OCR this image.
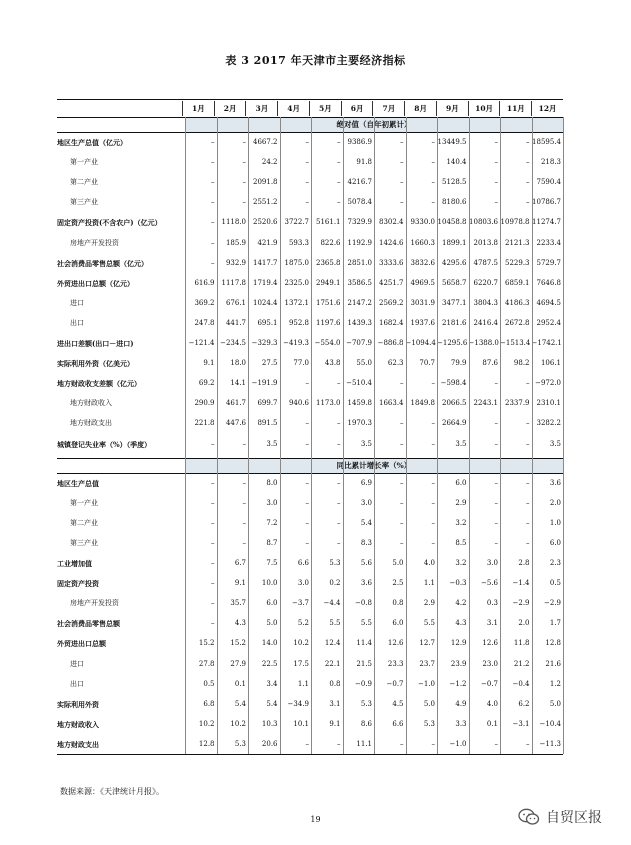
表 3 2017 年天津市主要经济指标
1月	2月	3月	4月	5月	6月	7月	8月	9月	10月	11月	12月
绝对值（自年初累计）
地区生产总值（亿元）	–	–	4667.2	–	–	9386.9	–	– 13449.5	–	– 18595.4
第一产业	–	–	24.2	–	–	91.8	–	–	140.4	–	–	218.3
第二产业	–	–	2091.8	–	–	4216.7	–	–	5128.5	–	–	7590.4
第三产业	–	–	2551.2	–	–	5078.4	–	–	8180.6	–	– 10786.7
固定资产投资(不含农户)（亿元）	–	1118.0	2520.6	3722.7	5161.1	7329.9	8302.4	9330.0 10458.8 10803.6 10978.8 11274.7
房地产开发投资	–	185.9	421.9	593.3	822.6	1192.9	1424.6	1660.3	1899.1	2013.8	2121.3	2233.4
社会消费品零售总额（亿元）	–	932.9	1417.7	1875.0	2365.8	2851.0	3333.6	3832.6	4295.6	4787.5	5229.3	5729.7
外贸进出口总额（亿元）	616.9	1117.8	1719.4	2325.0	2949.1	3586.5	4251.7	4969.5	5658.7	6220.7	6859.1	7646.8
进口	369.2	676.1	1024.4	1372.1	1751.6	2147.2	2569.2	3031.9	3477.1	3804.3	4186.3	4694.5
出口	247.8	441.7	695.1	952.8	1197.6	1439.3	1682.4	1937.6	2181.6	2416.4	2672.8	2952.4
进出口差额(出口－进口)	−121.4 −234.5 −329.3 −419.3 −554.0 −707.9 −886.8 −1094.4 −1295.6 −1388.0 −1513.4 −1742.1
实际利用外资（亿美元）	9.1	18.0	27.5	77.0	43.8	55.0	62.3	70.7	79.9	87.6	98.2	106.1
地方财政收支差额（亿元）	69.2	14.1 −191.9	–	– −510.4	–	– −598.4	–	– −972.0
地方财政收入	290.9	461.7	699.7	940.6	1173.0	1459.8	1663.4	1849.8	2066.5	2243.1	2337.9	2310.1
地方财政支出	221.8	447.6	891.5	–	–	1970.3	–	–	2664.9	–	–	3282.2
城镇登记失业率（%）（季度）	–	–	3.5	–	–	3.5	–	–	3.5	–	–	3.5
同比累计增长率（%）
地区生产总值	–	–	8.0	–	–	6.9	–	–	6.0	–	–	3.6
第一产业	–	–	3.0	–	–	3.0	–	–	2.9	–	–	2.0
第二产业	–	–	7.2	–	–	5.4	–	–	3.2	–	–	1.0
第三产业	–	–	8.7	–	–	8.3	–	–	8.5	–	–	6.0
工业增加值	–	6.7	7.5	6.6	5.3	5.6	5.0	4.0	3.2	3.0	2.8	2.3
固定资产投资	–	9.1	10.0	3.0	0.2	3.6	2.5	1.1	−0.3	−5.6	−1.4	0.5
房地产开发投资	–	35.7	6.0	−3.7	−4.4	−0.8	0.8	2.9	4.2	0.3	−2.9	−2.9
社会消费品零售总额	–	4.3	5.0	5.2	5.5	5.5	6.0	5.5	4.3	3.1	2.0	1.7
外贸进出口总额	15.2	15.2	14.0	10.2	12.4	11.4	12.6	12.7	12.9	12.6	11.8	12.8
进口	27.8	27.9	22.5	17.5	22.1	21.5	23.3	23.7	23.9	23.0	21.2	21.6
出口	0.5	0.1	3.4	1.1	0.8	−0.9	−0.7	−1.0	−1.2	−0.7	−0.4	1.2
实际利用外资	6.8	5.4	5.4	−34.9	3.1	5.3	4.5	5.0	4.9	4.0	6.2	5.0
地方财政收入	10.2	10.2	10.3	10.1	9.1	8.6	6.6	5.3	3.3	0.1	−3.1	−10.4
地方财政支出	12.8	5.3	20.6	–	–	11.1	–	–	−1.0	–	–	−11.3
数据来源：《天津统计月报》。
19	自贸区报
